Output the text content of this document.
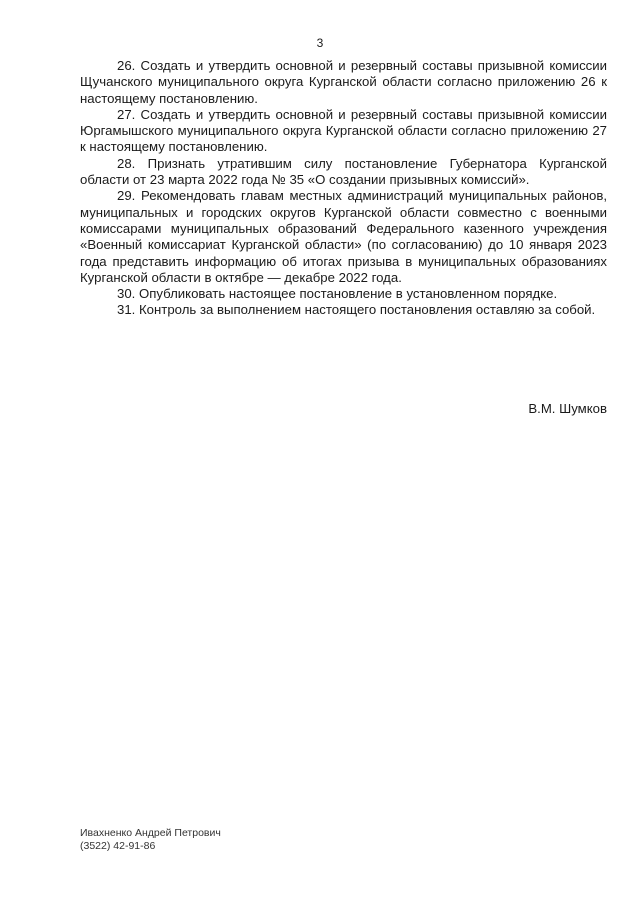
3

26. Создать и утвердить основной и резервный составы призывной комиссии Щучанского муниципального округа Курганской области согласно приложению 26 к настоящему постановлению.

27. Создать и утвердить основной и резервный составы призывной комиссии Юргамышского муниципального округа Курганской области согласно приложению 27 к настоящему постановлению.

28. Признать утратившим силу постановление Губернатора Курганской области от 23 марта 2022 года № 35 «О создании призывных комиссий».

29. Рекомендовать главам местных администраций муниципальных районов, муниципальных и городских округов Курганской области совместно с военными комиссарами муниципальных образований Федерального казенного учреждения «Военный комиссариат Курганской области» (по согласованию) до 10 января 2023 года представить информацию об итогах призыва в муниципальных образованиях Курганской области в октябре — декабре 2022 года.

30. Опубликовать настоящее постановление в установленном порядке.

31. Контроль за выполнением настоящего постановления оставляю за собой.

В.М. Шумков
Ивахненко Андрей Петрович
(3522) 42-91-86
